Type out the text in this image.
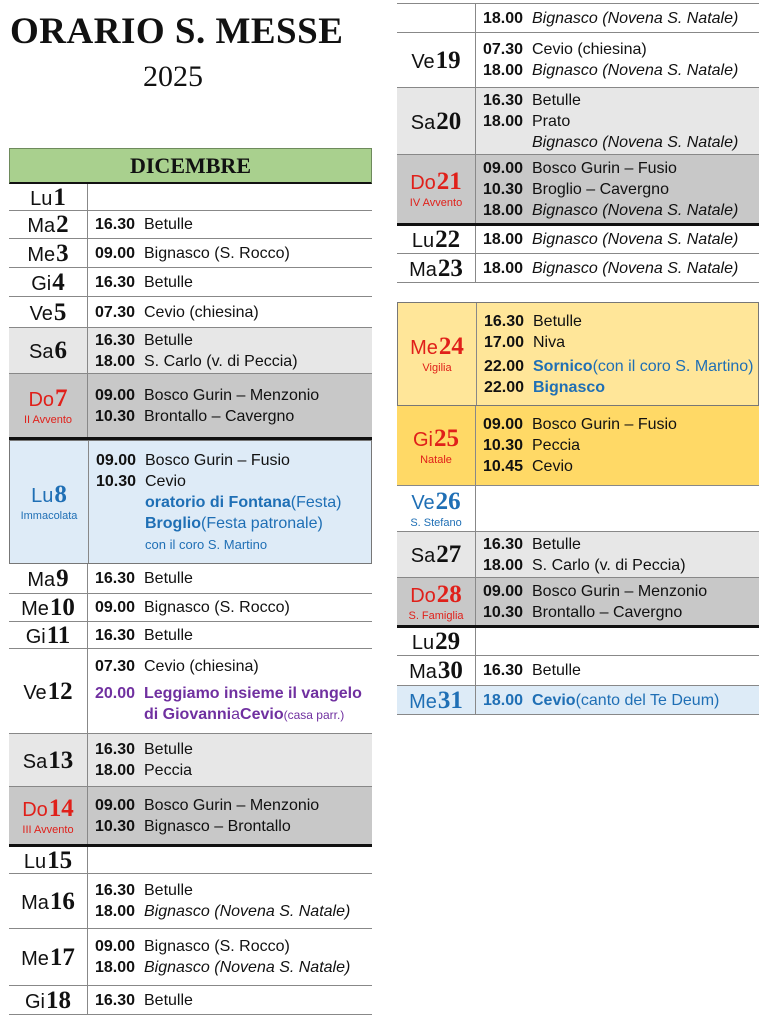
ORARIO S. MESSE
2025
DICEMBRE
Lu 1
Ma 2 16.30 Betulle
Me 3 09.00 Bignasco (S. Rocco)
Gi 4 16.30 Betulle
Ve 5 07.30 Cevio (chiesina)
Sa 6 16.30 Betulle
18.00 S. Carlo (v. di Peccia)
Do 7
II Avvento
09.00 Bosco Gurin – Menzonio
10.30 Brontallo – Cavergno
Lu 8
Immacolata
09.00 Bosco Gurin – Fusio
10.30 Cevio
oratorio di Fontana (Festa)
Broglio (Festa patronale)
con il coro S. Martino
Ma 9 16.30 Betulle
Me 10 09.00 Bignasco (S. Rocco)
Gi 11 16.30 Betulle
Ve 12
07.30 Cevio (chiesina)
20.00 Leggiamo insieme il vangelo
di Giovanni a Cevio (casa parr.)
Sa 13 16.30 Betulle
18.00 Peccia
Do 14
III Avvento
09.00 Bosco Gurin – Menzonio
10.30 Bignasco – Brontallo
Lu 15
Ma 16 16.30 Betulle
18.00 Bignasco (Novena S. Natale)
Me 17 09.00 Bignasco (S. Rocco)
18.00 Bignasco (Novena S. Natale)
Gi 18 16.30 Betulle
18.00 Bignasco (Novena S. Natale)
Ve 19 07.30 Cevio (chiesina)
18.00 Bignasco (Novena S. Natale)
Sa 20
16.30 Betulle
18.00 Prato
Bignasco (Novena S. Natale)
Do 21
IV Avvento
09.00 Bosco Gurin – Fusio
10.30 Broglio – Cavergno
18.00 Bignasco (Novena S. Natale)
Lu 22 18.00 Bignasco (Novena S. Natale)
Ma 23 18.00 Bignasco (Novena S. Natale)
Me 24
Vigilia
16.30 Betulle
17.00 Niva
22.00 Sornico (con il coro S. Martino)
22.00 Bignasco
Gi 25
Natale
09.00 Bosco Gurin – Fusio
10.30 Peccia
10.45 Cevio
Ve 26
S. Stefano
Sa 27 16.30 Betulle
18.00 S. Carlo (v. di Peccia)
Do 28
S. Famiglia
09.00 Bosco Gurin – Menzonio
10.30 Brontallo – Cavergno
Lu 29
Ma 30 16.30 Betulle
Me 31 18.00 Cevio (canto del Te Deum)
